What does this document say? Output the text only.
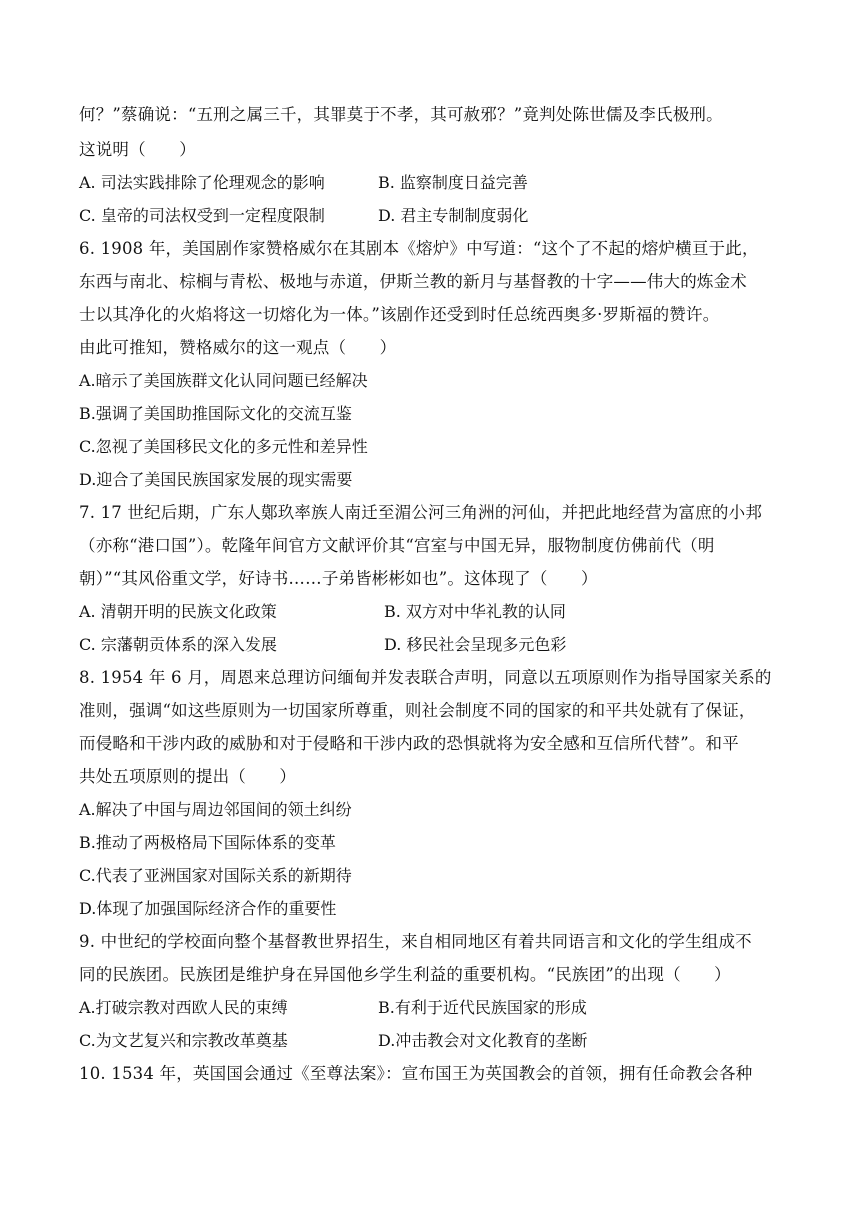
何？”蔡确说：“五刑之属三千，其罪莫于不孝，其可赦邪？”竟判处陈世儒及李氏极刑。
这说明（　　）
A. 司法实践排除了伦理观念的影响	B. 监察制度日益完善
C. 皇帝的司法权受到一定程度限制	D. 君主专制制度弱化
6. 1908 年，美国剧作家赞格威尔在其剧本《熔炉》中写道：“这个了不起的熔炉横亘于此，
东西与南北、棕榈与青松、极地与赤道，伊斯兰教的新月与基督教的十字——伟大的炼金术
士以其净化的火焰将这一切熔化为一体。”该剧作还受到时任总统西奥多·罗斯福的赞许。
由此可推知，赞格威尔的这一观点（　　）
A.暗示了美国族群文化认同问题已经解决
B.强调了美国助推国际文化的交流互鉴
C.忽视了美国移民文化的多元性和差异性
D.迎合了美国民族国家发展的现实需要
7. 17 世纪后期，广东人鄚玖率族人南迁至湄公河三角洲的河仙，并把此地经营为富庶的小邦
（亦称“港口国”）。乾隆年间官方文献评价其“宫室与中国无异，服物制度仿佛前代（明
朝）”“其风俗重文学，好诗书……子弟皆彬彬如也”。这体现了（　　）
A. 清朝开明的民族文化政策	B. 双方对中华礼教的认同
C. 宗藩朝贡体系的深入发展	D. 移民社会呈现多元色彩
8. 1954 年 6 月，周恩来总理访问缅甸并发表联合声明，同意以五项原则作为指导国家关系的
准则，强调“如这些原则为一切国家所尊重，则社会制度不同的国家的和平共处就有了保证，
而侵略和干涉内政的威胁和对于侵略和干涉内政的恐惧就将为安全感和互信所代替”。和平
共处五项原则的提出（　　）
A.解决了中国与周边邻国间的领土纠纷
B.推动了两极格局下国际体系的变革
C.代表了亚洲国家对国际关系的新期待
D.体现了加强国际经济合作的重要性
9. 中世纪的学校面向整个基督教世界招生，来自相同地区有着共同语言和文化的学生组成不
同的民族团。民族团是维护身在异国他乡学生利益的重要机构。“民族团”的出现（　　）
A.打破宗教对西欧人民的束缚	B.有利于近代民族国家的形成
C.为文艺复兴和宗教改革奠基	D.冲击教会对文化教育的垄断
10. 1534 年，英国国会通过《至尊法案》：宣布国王为英国教会的首领，拥有任命教会各种
